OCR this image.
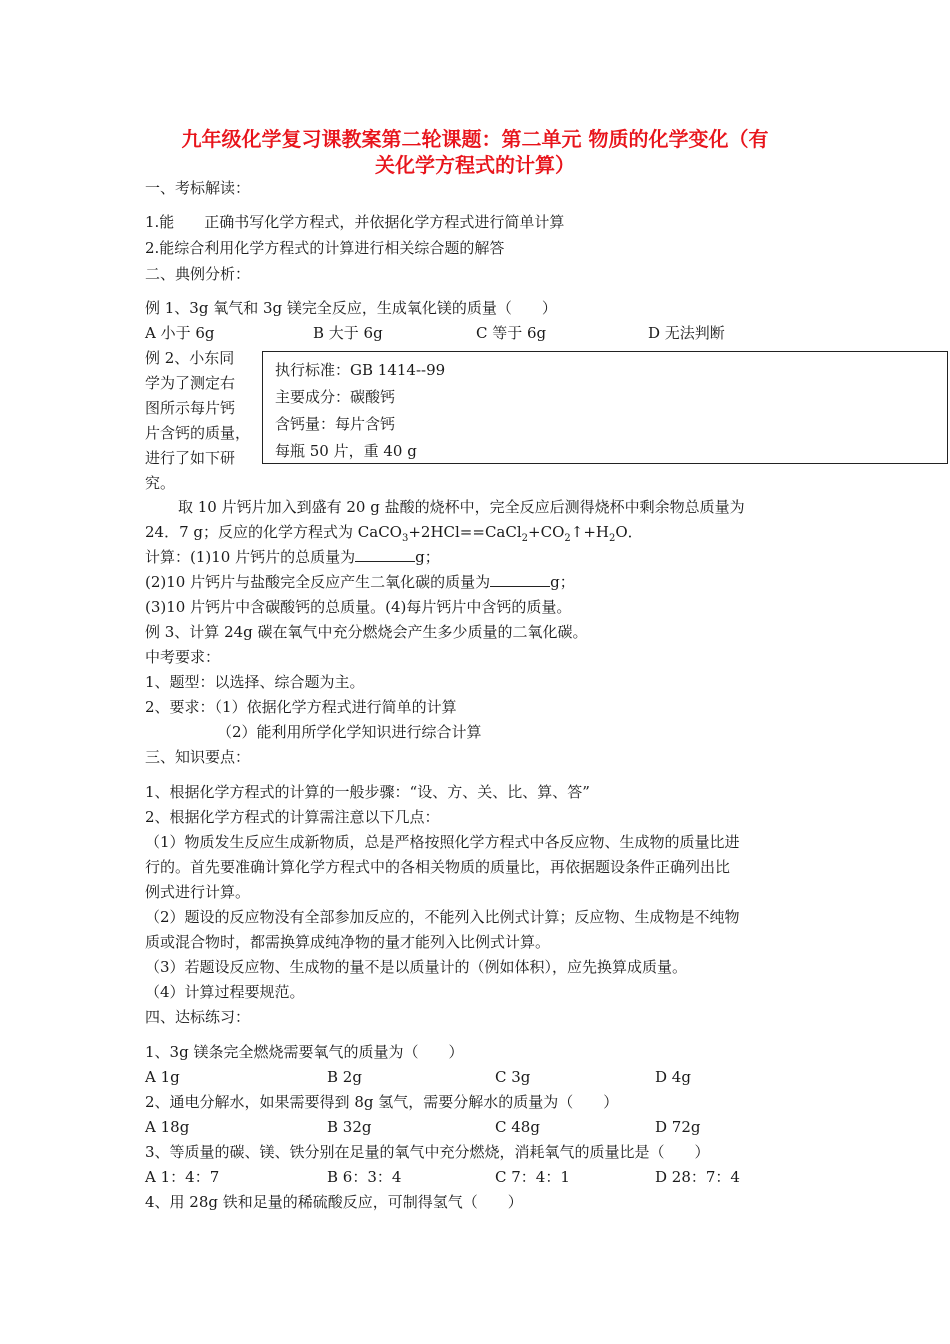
九年级化学复习课教案第二轮课题：第二单元 物质的化学变化（有
关化学方程式的计算）
一、考标解读：
1.能　　正确书写化学方程式，并依据化学方程式进行简单计算
2.能综合利用化学方程式的计算进行相关综合题的解答
二、典例分析：
例 1、3g 氧气和 3g 镁完全反应，生成氧化镁的质量（　　）
A 小于 6g	B 大于 6g	C 等于 6g	D 无法判断
例 2、小东同
学为了测定右
图所示每片钙
片含钙的质量，
进行了如下研
究。
执行标准：GB 1414--99
主要成分：碳酸钙
含钙量：每片含钙
每瓶 50 片，重 40 g
取 10 片钙片加入到盛有 20 g 盐酸的烧杯中，完全反应后测得烧杯中剩余物总质量为
24．7 g；反应的化学方程式为 $CaCO_3+2HCl==CaCl_2+CO_2↑+H_2O$．
计算：(1)10 片钙片的总质量为	g；
(2)10 片钙片与盐酸完全反应产生二氧化碳的质量为	g；
(3)10 片钙片中含碳酸钙的总质量。(4)每片钙片中含钙的质量。
例 3、计算 24g 碳在氧气中充分燃烧会产生多少质量的二氧化碳。
中考要求：
1、题型：以选择、综合题为主。
2、要求：（1）依据化学方程式进行简单的计算
（2）能利用所学化学知识进行综合计算
三、知识要点：
1、根据化学方程式的计算的一般步骤：“设、方、关、比、算、答”
2、根据化学方程式的计算需注意以下几点：
（1）物质发生反应生成新物质，总是严格按照化学方程式中各反应物、生成物的质量比进
行的。首先要准确计算化学方程式中的各相关物质的质量比，再依据题设条件正确列出比
例式进行计算。
（2）题设的反应物没有全部参加反应的，不能列入比例式计算；反应物、生成物是不纯物
质或混合物时，都需换算成纯净物的量才能列入比例式计算。
（3）若题设反应物、生成物的量不是以质量计的（例如体积），应先换算成质量。
（4）计算过程要规范。
四、达标练习：
1、3g 镁条完全燃烧需要氧气的质量为（　　）
A 1g	B 2g	C 3g	D 4g
2、通电分解水，如果需要得到 8g 氢气，需要分解水的质量为（　　）
A 18g	B 32g	C 48g	D 72g
3、等质量的碳、镁、铁分别在足量的氧气中充分燃烧，消耗氧气的质量比是（　　）
A 1：4：7	B 6：3：4	C 7：4：1	D 28：7：4
4、用 28g 铁和足量的稀硫酸反应，可制得氢气（　　）
